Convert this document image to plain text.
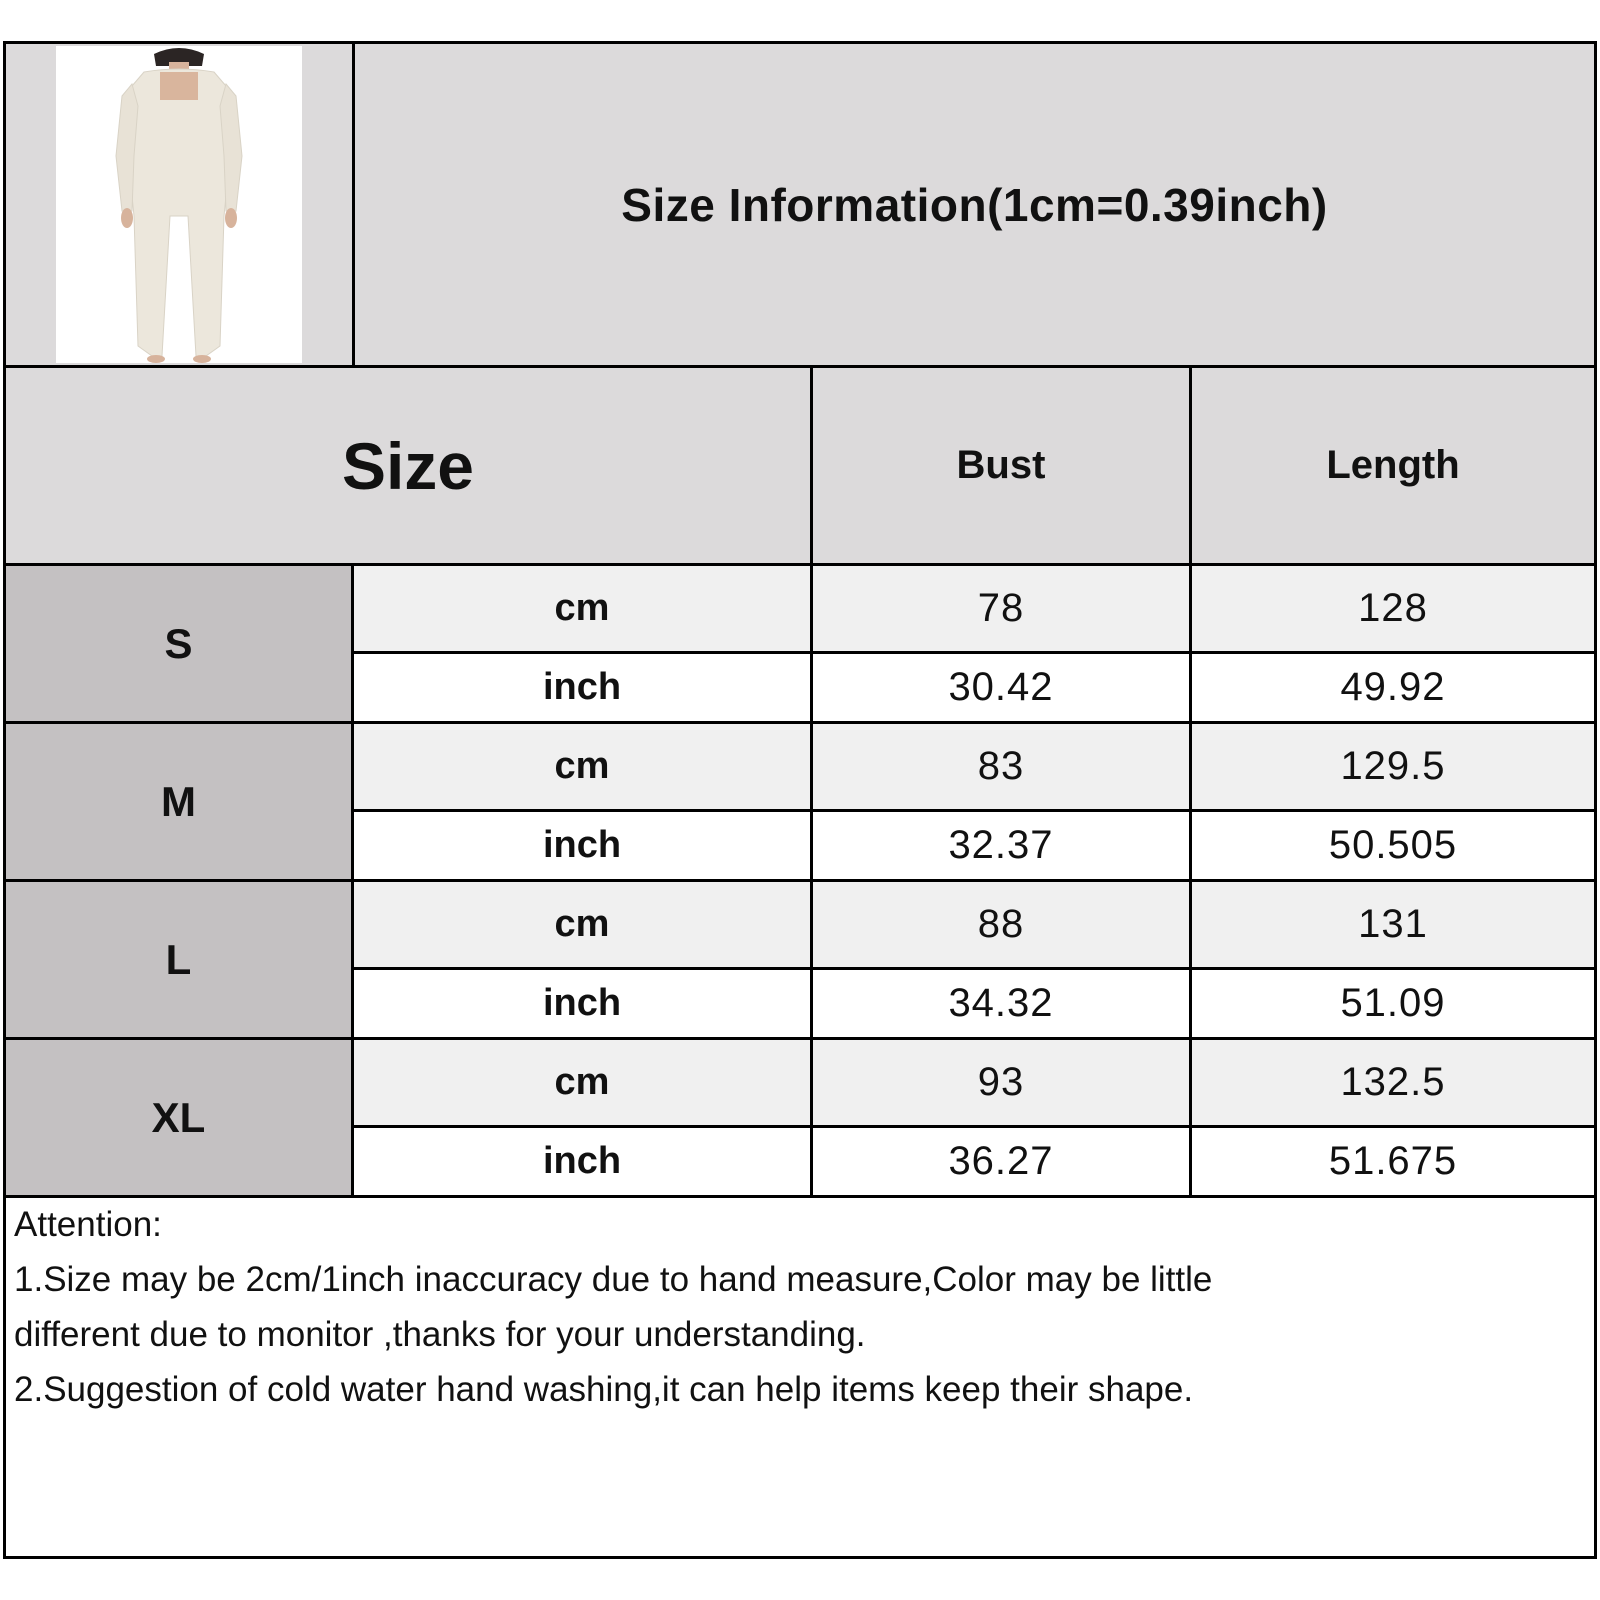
Size Information(1cm=0.39inch)
Size	Bust	Length
S
cm	78	128
inch	30.42	49.92
M
cm	83	129.5
inch	32.37	50.505
L
cm	88	131
inch	34.32	51.09
XL
cm	93	132.5
inch	36.27	51.675
Attention:
1.Size may be 2cm/1inch inaccuracy due to hand measure,Color may be little
different due to monitor ,thanks for your understanding.
2.Suggestion of cold water hand washing,it can help items keep their shape.
